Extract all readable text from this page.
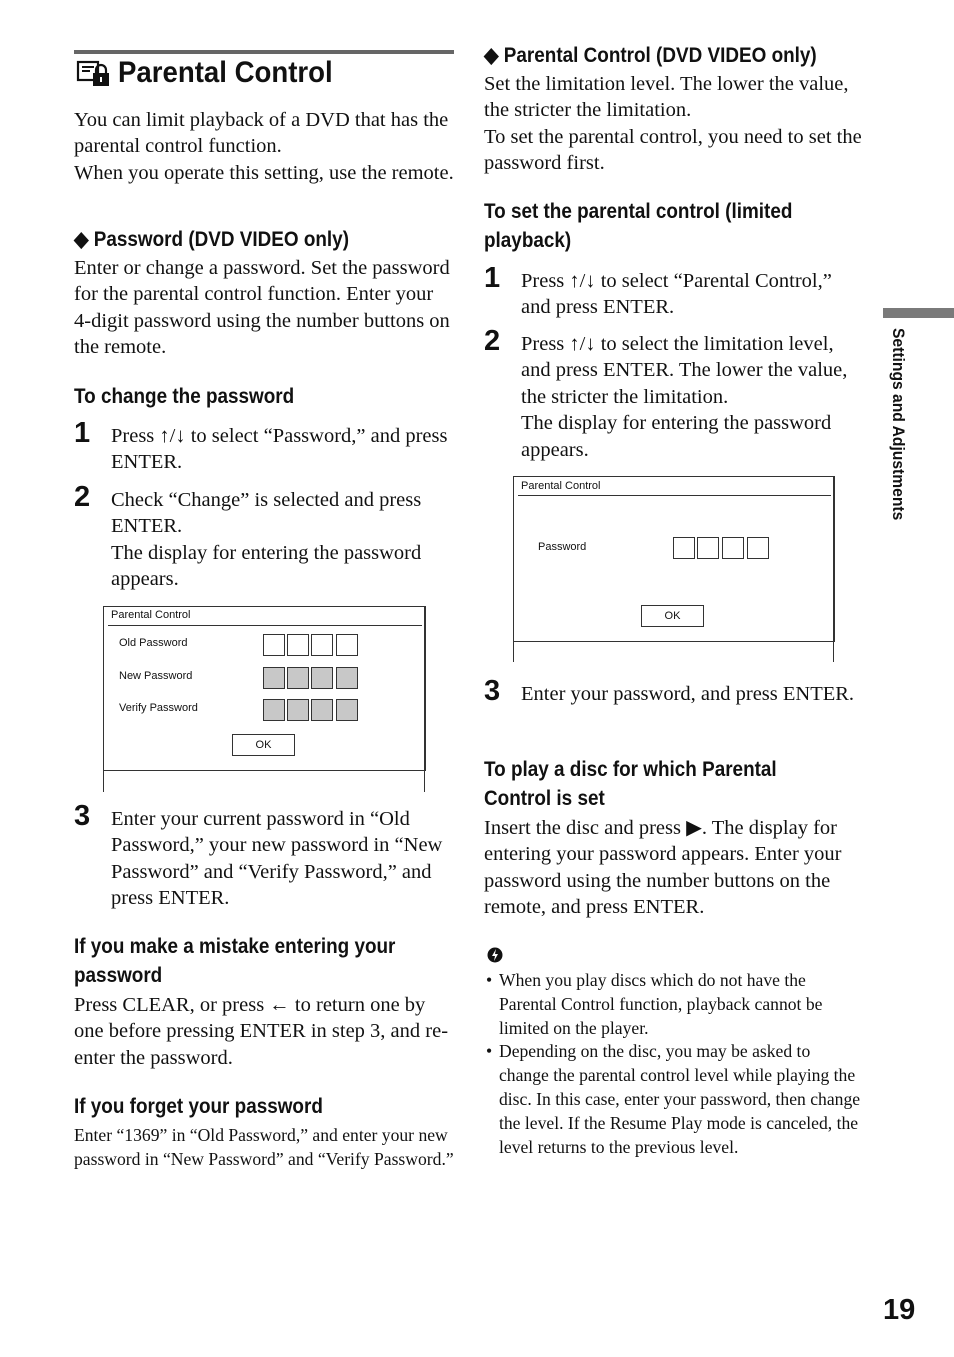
Parental Control
You can limit playback of a DVD that has the parental control function.
When you operate this setting, use the remote.
◆ Password (DVD VIDEO only)
Enter or change a password. Set the password for the parental control function. Enter your 4-digit password using the number buttons on the remote.
To change the password
1 Press ↑/↓ to select “Password,” and press ENTER.
2 Check “Change” is selected and press ENTER.
The display for entering the password appears.
Parental Control
Old Password
New Password
Verify Password
OK
3 Enter your current password in “Old Password,” your new password in “New Password” and “Verify Password,” and press ENTER.
If you make a mistake entering your password
Press CLEAR, or press ← to return one by one before pressing ENTER in step 3, and re-enter the password.
If you forget your password
Enter “1369” in “Old Password,” and enter your new password in “New Password” and “Verify Password.”
◆ Parental Control (DVD VIDEO only)
Set the limitation level. The lower the value, the stricter the limitation.
To set the parental control, you need to set the password first.
To set the parental control (limited playback)
1 Press ↑/↓ to select “Parental Control,” and press ENTER.
2 Press ↑/↓ to select the limitation level, and press ENTER. The lower the value, the stricter the limitation.
The display for entering the password appears.
Parental Control
Password
OK
3 Enter your password, and press ENTER.
To play a disc for which Parental Control is set
Insert the disc and press ▶. The display for entering your password appears. Enter your password using the number buttons on the remote, and press ENTER.
• When you play discs which do not have the Parental Control function, playback cannot be limited on the player.
• Depending on the disc, you may be asked to change the parental control level while playing the disc. In this case, enter your password, then change the level. If the Resume Play mode is canceled, the level returns to the previous level.
Settings and Adjustments
19
